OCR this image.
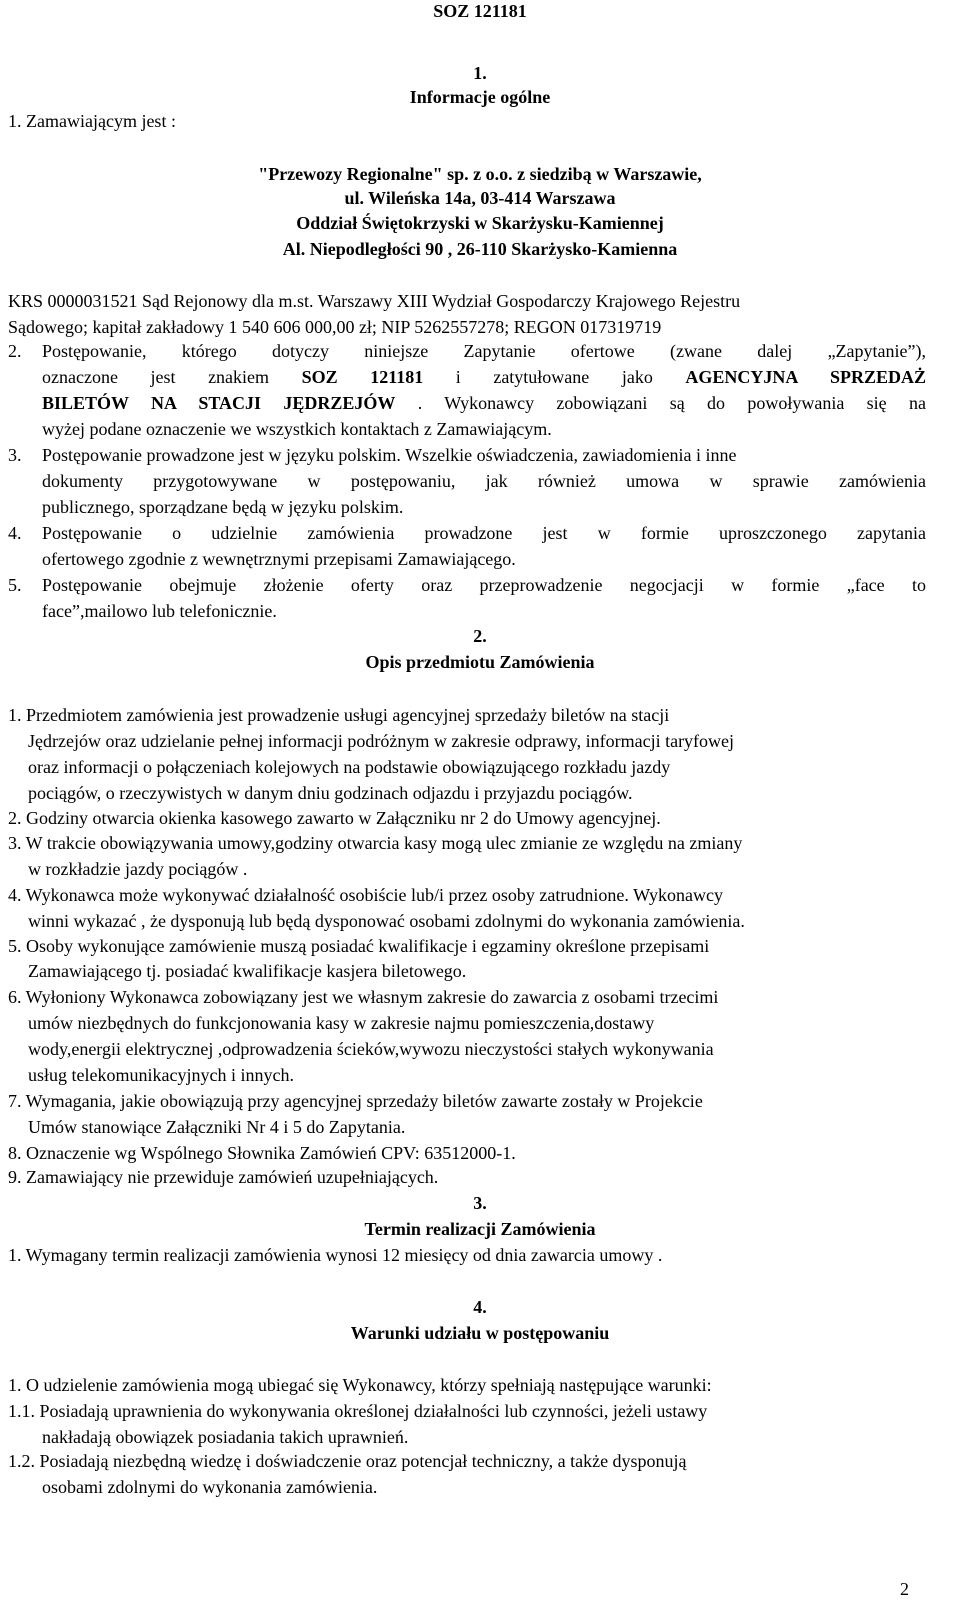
SOZ 121181
1.
Informacje ogólne
1. Zamawiającym jest :
"Przewozy Regionalne" sp. z o.o. z siedzibą w Warszawie,
ul. Wileńska 14a, 03-414 Warszawa
Oddział Świętokrzyski w Skarżysku-Kamiennej
Al. Niepodległości 90 , 26-110 Skarżysko-Kamienna
KRS 0000031521 Sąd Rejonowy dla m.st. Warszawy XIII Wydział Gospodarczy Krajowego Rejestru
Sądowego; kapitał zakładowy 1 540 606 000,00 zł; NIP 5262557278; REGON 017319719
2. Postępowanie, którego dotyczy niniejsze Zapytanie ofertowe (zwane dalej „Zapytanie”),
oznaczone jest znakiem SOZ 121181 i zatytułowane jako AGENCYJNA SPRZEDAŻ
BILETÓW NA STACJI JĘDRZEJÓW . Wykonawcy zobowiązani są do powoływania się na
wyżej podane oznaczenie we wszystkich kontaktach z Zamawiającym.
3. Postępowanie prowadzone jest w języku polskim. Wszelkie oświadczenia, zawiadomienia i inne
dokumenty przygotowywane w postępowaniu, jak również umowa w sprawie zamówienia
publicznego, sporządzane będą w języku polskim.
4. Postępowanie o udzielnie zamówienia prowadzone jest w formie uproszczonego zapytania
ofertowego zgodnie z wewnętrznymi przepisami Zamawiającego.
5. Postępowanie obejmuje złożenie oferty oraz przeprowadzenie negocjacji w formie „face to
face”,mailowo lub telefonicznie.
2.
Opis przedmiotu Zamówienia
1. Przedmiotem zamówienia jest prowadzenie usługi agencyjnej sprzedaży biletów na stacji
Jędrzejów oraz udzielanie pełnej informacji podróżnym w zakresie odprawy, informacji taryfowej
oraz informacji o połączeniach kolejowych na podstawie obowiązującego rozkładu jazdy
pociągów, o rzeczywistych w danym dniu godzinach odjazdu i przyjazdu pociągów.
2. Godziny otwarcia okienka kasowego zawarto w Załączniku nr 2 do Umowy agencyjnej.
3. W trakcie obowiązywania umowy,godziny otwarcia kasy mogą ulec zmianie ze względu na zmiany
w rozkładzie jazdy pociągów .
4. Wykonawca może wykonywać działalność osobiście lub/i przez osoby zatrudnione. Wykonawcy
winni wykazać , że dysponują lub będą dysponować osobami zdolnymi do wykonania zamówienia.
5. Osoby wykonujące zamówienie muszą posiadać kwalifikacje i egzaminy określone przepisami
Zamawiającego tj. posiadać kwalifikacje kasjera biletowego.
6. Wyłoniony Wykonawca zobowiązany jest we własnym zakresie do zawarcia z osobami trzecimi
umów niezbędnych do funkcjonowania kasy w zakresie najmu pomieszczenia,dostawy
wody,energii elektrycznej ,odprowadzenia ścieków,wywozu nieczystości stałych wykonywania
usług telekomunikacyjnych i innych.
7. Wymagania, jakie obowiązują przy agencyjnej sprzedaży biletów zawarte zostały w Projekcie
Umów stanowiące Załączniki Nr 4 i 5 do Zapytania.
8. Oznaczenie wg Wspólnego Słownika Zamówień CPV: 63512000-1.
9. Zamawiający nie przewiduje zamówień uzupełniających.
3.
Termin realizacji Zamówienia
1. Wymagany termin realizacji zamówienia wynosi 12 miesięcy od dnia zawarcia umowy .
4.
Warunki udziału w postępowaniu
1. O udzielenie zamówienia mogą ubiegać się Wykonawcy, którzy spełniają następujące warunki:
1.1. Posiadają uprawnienia do wykonywania określonej działalności lub czynności, jeżeli ustawy
nakładają obowiązek posiadania takich uprawnień.
1.2. Posiadają niezbędną wiedzę i doświadczenie oraz potencjał techniczny, a także dysponują
osobami zdolnymi do wykonania zamówienia.
2
